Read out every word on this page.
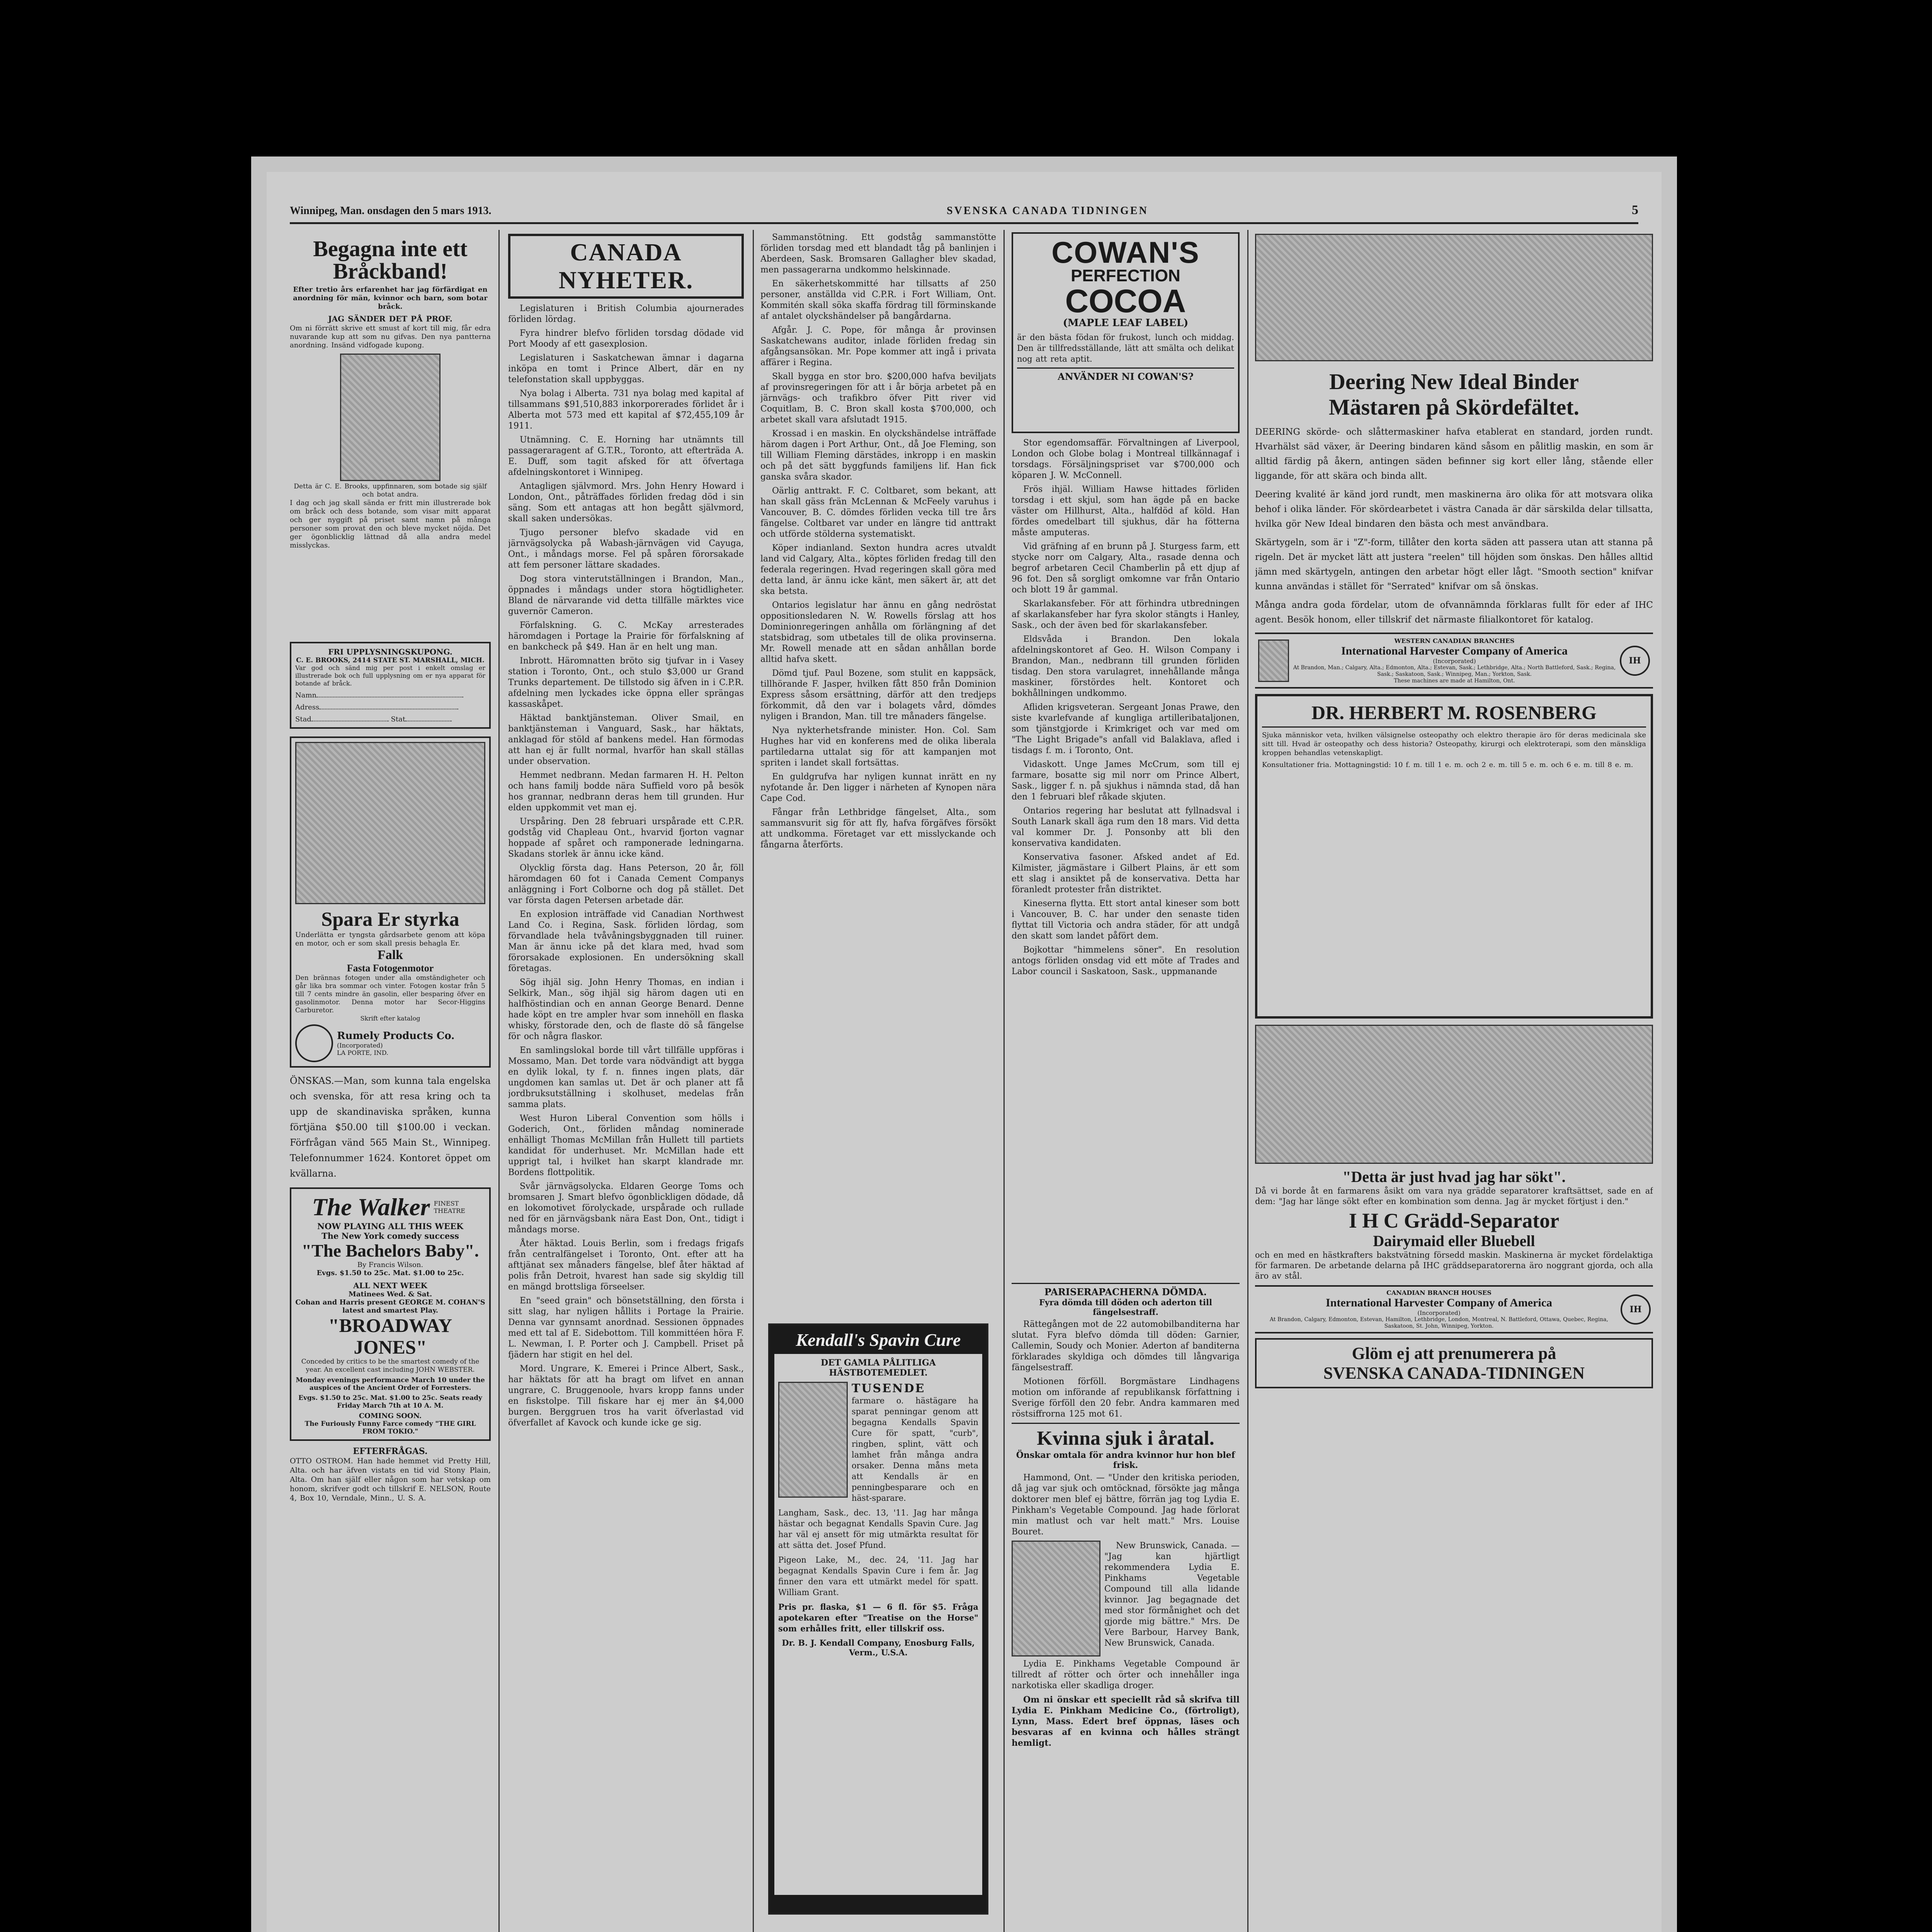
Winnipeg, Man. onsdagen den 5 mars 1913.	SVENSKA CANADA TIDNINGEN	5
Begagna inte ett Bråckband!
Efter tretio års erfarenhet har jag förfärdigat en anordning för män, kvinnor och barn, som botar bråck.
JAG SÄNDER DET PÅ PROF.
Om ni förrätt skrive ett smust af kort till mig, får edra nuvarande kup att som nu gifvas. Den nya pantterna anordning. Insänd vidfogade kupong.
Detta är C. E. Brooks, uppfinnaren, som botade sig själf och botat andra.
I dag och jag skall sända er fritt min illustrerade bok om bråck och dess botande, som visar mitt apparat och ger nyggift på priset samt namn på många personer som provat den och bleve mycket nöjda. Det ger ögonblicklig lättnad då alla andra medel misslyckas.
FRI UPPLYSNINGSKUPONG.
C. E. BROOKS, 2414 STATE ST. MARSHALL, MICH.
Var god och sänd mig per post i enkelt omslag er illustrerade bok och full upplysning om er nya apparat för botande af bråck.
Namn
Adress
Stad	Stat
Spara Er styrka
Underlätta er tyngsta gårdsarbete genom att köpa en motor, och er som skall presis behagla Er.
Falk
Fasta Fotogenmotor
Den brännas fotogen under alla omständigheter och går lika bra sommar och vinter. Fotogen kostar från 5 till 7 cents mindre än gasolin, eller besparing öfver en gasolinmotor. Denna motor har Secor-Higgins Carburetor.
Skrift efter katalog
Rumely Products Co.
(Incorporated)
LA PORTE, IND.
ÖNSKAS.—Man, som kunna tala engelska och svenska, för att resa kring och ta upp de skandinaviska språken, kunna förtjäna $50.00 till $100.00 i veckan. Förfrågan vänd 565 Main St., Winnipeg. Telefonnummer 1624. Kontoret öppet om kvällarna.
The Walker FINEST THEATRE
NOW PLAYING ALL THIS WEEK
The New York comedy success
"The Bachelors Baby".
By Francis Wilson.
Evgs. $1.50 to 25c. Mat. $1.00 to 25c.
ALL NEXT WEEK
Matinees Wed. & Sat.
Cohan and Harris present GEORGE M. COHAN'S latest and smartest Play.
"BROADWAY JONES"
Conceded by critics to be the smartest comedy of the year. An excellent cast including JOHN WEBSTER.
Monday evenings performance March 10 under the auspices of the Ancient Order of Forresters.
Evgs. $1.50 to 25c. Mat. $1.00 to 25c. Seats ready Friday March 7th at 10 A. M.
COMING SOON.
The Furiously Funny Farce comedy "THE GIRL FROM TOKIO."
EFTERFRÅGAS.
OTTO OSTROM. Han hade hemmet vid Pretty Hill, Alta. och har äfven vistats en tid vid Stony Plain, Alta. Om han själf eller någon som har vetskap om honom, skrifver godt och tillskrif E. NELSON, Route 4, Box 10, Verndale, Minn., U. S. A.
CANADA NYHETER.

Legislaturen i British Columbia ajournerades förliden lördag.

Fyra hindrer blefvo förliden torsdag dödade vid Port Moody af ett gasexplosion.

Legislaturen i Saskatchewan ämnar i dagarna inköpa en tomt i Prince Albert, där en ny telefonstation skall uppbyggas.

Nya bolag i Alberta. 731 nya bolag med kapital af tillsammans $91,510,883 inkorporerades förlidet år i Alberta mot 573 med ett kapital af $72,455,109 år 1911.

Utnämning. C. E. Horning har utnämnts till passageraragent af G.T.R., Toronto, att efterträda A. E. Duff, som tagit afsked för att öfvertaga afdelningskontoret i Winnipeg.

Antagligen självmord. Mrs. John Henry Howard i London, Ont., påträffades förliden fredag död i sin säng. Som ett antagas att hon begått självmord, skall saken undersökas.

Tjugo personer blefvo skadade vid en järnvägsolycka på Wabash-järnvägen vid Cayuga, Ont., i måndags morse. Fel på spåren förorsakade att fem personer lättare skadades.

Dog stora vinterutställningen i Brandon, Man., öppnades i måndags under stora högtidligheter. Bland de närvarande vid detta tillfälle märktes vice guvernör Cameron.

Förfalskning. G. C. McKay arresterades häromdagen i Portage la Prairie för förfalskning af en bankcheck på $49. Han är en helt ung man.

Inbrott. Häromnatten bröto sig tjufvar in i Vasey station i Toronto, Ont., och stulo $3,000 ur Grand Trunks departement. De tillstodo sig äfven in i C.P.R. afdelning men lyckades icke öppna eller sprängas kassaskåpet.

Häktad banktjänsteman. Oliver Smail, en banktjänsteman i Vanguard, Sask., har häktats, anklagad för stöld af bankens medel. Han förmodas att han ej är fullt normal, hvarför han skall ställas under observation.

Hemmet nedbrann. Medan farmaren H. H. Pelton och hans familj bodde nära Suffield voro på besök hos grannar, nedbrann deras hem till grunden. Hur elden uppkommit vet man ej.

Urspåring. Den 28 februari urspårade ett C.P.R. godståg vid Chapleau Ont., hvarvid fjorton vagnar hoppade af spåret och ramponerade ledningarna. Skadans storlek är ännu icke känd.

Olycklig första dag. Hans Peterson, 20 år, föll häromdagen 60 fot i Canada Cement Companys anläggning i Fort Colborne och dog på stället. Det var första dagen Petersen arbetade där.

En explosion inträffade vid Canadian Northwest Land Co. i Regina, Sask. förliden lördag, som förvandlade hela tvåvåningsbyggnaden till ruiner. Man är ännu icke på det klara med, hvad som förorsakade explosionen. En undersökning skall företagas.

Sög ihjäl sig. John Henry Thomas, en indian i Selkirk, Man., sög ihjäl sig härom dagen uti en halfhöstindian och en annan George Benard. Denne hade köpt en tre ampler hvar som innehöll en flaska whisky, förstorade den, och de flaste dö så fängelse för och några flaskor.

En samlingslokal borde till vårt tillfälle uppföras i Mossamo, Man. Det torde vara nödvändigt att bygga en dylik lokal, ty f. n. finnes ingen plats, där ungdomen kan samlas ut. Det är och planer att få jordbruksutställning i skolhuset, medelas från samma plats.

West Huron Liberal Convention som hölls i Goderich, Ont., förliden måndag nominerade enhälligt Thomas McMillan från Hullett till partiets kandidat för underhuset. Mr. McMillan hade ett upprigt tal, i hvilket han skarpt klandrade mr. Bordens flottpolitik.

Svår järnvägsolycka. Eldaren George Toms och bromsaren J. Smart blefvo ögonblickligen dödade, då en lokomotivet förolyckade, urspårade och rullade ned för en järnvägsbank nära East Don, Ont., tidigt i måndags morse.

Åter häktad. Louis Berlin, som i fredags frigafs från centralfängelset i Toronto, Ont. efter att ha afttjänat sex månaders fängelse, blef åter häktad af polis från Detroit, hvarest han sade sig skyldig till en mängd brottsliga förseelser.

En "seed grain" och bönsetställning, den första i sitt slag, har nyligen hållits i Portage la Prairie. Denna var gynnsamt anordnad. Sessionen öppnades med ett tal af E. Sidebottom. Till kommittéen höra F. L. Newman, I. P. Porter och J. Campbell. Priset på fjädern har stigit en hel del.

Mord. Ungrare, K. Emerei i Prince Albert, Sask., har häktats för att ha bragt om lifvet en annan ungrare, C. Bruggenoole, hvars kropp fanns under en fiskstolpe. Till fiskare har ej mer än $4,000 burgen. Berggruen tros ha varit öfverlastad vid öfverfallet af Kavock och kunde icke ge sig.

Sammanstötning. Ett godståg sammanstötte förliden torsdag med ett blandadt tåg på banlinjen i Aberdeen, Sask. Bromsaren Gallagher blev skadad, men passagerarna undkommo helskinnade.

En säkerhetskommitté har tillsatts af 250 personer, anställda vid C.P.R. i Fort William, Ont. Kommitén skall söka skaffa fördrag till förminskande af antalet olyckshändelser på bangårdarna.

Afgår. J. C. Pope, för många år provinsen Saskatchewans auditor, inlade förliden fredag sin afgångsansökan. Mr. Pope kommer att ingå i privata affärer i Regina.

Skall bygga en stor bro. $200,000 hafva beviljats af provinsregeringen för att i år börja arbetet på en järnvägs- och trafikbro öfver Pitt river vid Coquitlam, B. C. Bron skall kosta $700,000, och arbetet skall vara afslutadt 1915.

Krossad i en maskin. En olyckshändelse inträffade härom dagen i Port Arthur, Ont., då Joe Fleming, son till William Fleming därstädes, inkropp i en maskin och på det sätt byggfunds familjens lif. Han fick ganska svåra skador.

Oärlig anttrakt. F. C. Coltbaret, som bekant, att han skall gäss frän McLennan & McFeely varuhus i Vancouver, B. C. dömdes förliden vecka till tre års fängelse. Coltbaret var under en längre tid anttrakt och utförde stölderna systematiskt.

Köper indianland. Sexton hundra acres utvaldt land vid Calgary, Alta., köptes förliden fredag till den federala regeringen. Hvad regeringen skall göra med detta land, är ännu icke känt, men säkert är, att det ska betsta.

Ontarios legislatur har ännu en gång nedröstat oppositionsledaren N. W. Rowells förslag att hos Dominionregeringen anhålla om förlängning af det statsbidrag, som utbetales till de olika provinserna. Mr. Rowell menade att en sådan anhållan borde alltid hafva skett.

Dömd tjuf. Paul Bozene, som stulit en kappsäck, tillhörande F. Jasper, hvilken fått 850 från Dominion Express såsom ersättning, därför att den tredjeps förkommit, då den var i bolagets vård, dömdes nyligen i Brandon, Man. till tre månaders fängelse.

Nya nykterhetsfrande minister. Hon. Col. Sam Hughes har vid en konferens med de olika liberala partiledarna uttalat sig för att kampanjen mot spriten i landet skall fortsättas.

En guldgrufva har nyligen kunnat inrätt en ny nyfotande år. Den ligger i närheten af Kynopen nära Cape Cod.

Fångar från Lethbridge fängelset, Alta., som sammansvurit sig för att fly, hafva förgäfves försökt att undkomma. Företaget var ett misslyckande och fångarna återförts.

Kendall's Spavin Cure
DET GAMLA PÅLITLIGA HÄSTBOTEMEDLET.
TUSENDE
farmare o. hästägare ha sparat penningar genom att begagna Kendalls Spavin Cure för spatt, "curb", ringben, splint, vätt och lamhet från många andra orsaker. Denna måns meta att Kendalls är en penningbesparare och en häst-sparare.
Langham, Sask., dec. 13, '11. Jag har många hästar och begagnat Kendalls Spavin Cure. Jag har väl ej ansett för mig utmärkta resultat för att sätta det. Josef Pfund.
Pigeon Lake, M., dec. 24, '11. Jag har begagnat Kendalls Spavin Cure i fem år. Jag finner den vara ett utmärkt medel för spatt. William Grant.
Pris pr. flaska, $1 — 6 fl. för $5. Fråga apotekaren efter "Treatise on the Horse" som erhålles fritt, eller tillskrif oss.
Dr. B. J. Kendall Company, Enosburg Falls, Verm., U.S.A.
COWAN'S
PERFECTION
COCOA
(MAPLE LEAF LABEL)
är den bästa födan för frukost, lunch och middag. Den är tillfredsställande, lätt att smälta och delikat nog att reta aptit.
ANVÄNDER NI COWAN'S?

Stor egendomsaffär. Förvaltningen af Liverpool, London och Globe bolag i Montreal tillkännagaf i torsdags. Försäljningspriset var $700,000 och köparen J. W. McConnell.

Frös ihjäl. William Hawse hittades förliden torsdag i ett skjul, som han ägde på en backe väster om Hillhurst, Alta., halfdöd af köld. Han fördes omedelbart till sjukhus, där ha fötterna måste amputeras.

Vid gräfning af en brunn på J. Sturgess farm, ett stycke norr om Calgary, Alta., rasade denna och begrof arbetaren Cecil Chamberlin på ett djup af 96 fot. Den så sorgligt omkomne var från Ontario och blott 19 år gammal.

Skarlakansfeber. För att förhindra utbredningen af skarlakansfeber har fyra skolor stängts i Hanley, Sask., och der även bed för skarlakansfeber.

Eldsvåda i Brandon. Den lokala afdelningskontoret af Geo. H. Wilson Company i Brandon, Man., nedbrann till grunden förliden tisdag. Den stora varulagret, innehållande många maskiner, förstördes helt. Kontoret och bokhållningen undkommo.

Afliden krigsveteran. Sergeant Jonas Prawe, den siste kvarlefvande af kungliga artilleribataljonen, som tjänstgjorde i Krimkriget och var med om "The Light Brigade"s anfall vid Balaklava, afled i tisdags f. m. i Toronto, Ont.

Vidaskott. Unge James McCrum, som till ej farmare, bosatte sig mil norr om Prince Albert, Sask., ligger f. n. på sjukhus i nämnda stad, då han den 1 februari blef råkade skjuten.

Ontarios regering har beslutat att fyllnadsval i South Lanark skall äga rum den 18 mars. Vid detta val kommer Dr. J. Ponsonby att bli den konservativa kandidaten.

Konservativa fasoner. Afsked andet af Ed. Kilmister, jägmästare i Gilbert Plains, är ett som ett slag i ansiktet på de konservativa. Detta har föranledt protester från distriktet.

Kineserna flytta. Ett stort antal kineser som bott i Vancouver, B. C. har under den senaste tiden flyttat till Victoria och andra städer, för att undgå den skatt som landet påfört dem.

Bojkottar "himmelens söner". En resolution antogs förliden onsdag vid ett möte af Trades and Labor council i Saskatoon, Sask., uppmanande

Deering New Ideal Binder
Mästaren på Skördefältet.
DEERING skörde- och slåttermaskiner hafva etablerat en standard, jorden rundt. Hvarhälst säd växer, är Deering bindaren känd såsom en pålitlig maskin, en som är alltid färdig på åkern, antingen säden befinner sig kort eller lång, stående eller liggande, för att skära och binda allt.
Deering kvalité är känd jord rundt, men maskinerna äro olika för att motsvara olika behof i olika länder. För skördearbetet i västra Canada är där särskilda delar tillsatta, hvilka gör New Ideal bindaren den bästa och mest användbara.
Skärtygeln, som är i "Z"-form, tillåter den korta säden att passera utan att stanna på rigeln. Det är mycket lätt att justera "reelen" till höjden som önskas. Den hålles alltid jämn med skärtygeln, antingen den arbetar högt eller lågt. "Smooth section" knifvar kunna användas i stället för "Serrated" knifvar om så önskas.
Många andra goda fördelar, utom de ofvannämnda förklaras fullt för eder af IHC agent. Besök honom, eller tillskrif det närmaste filialkontoret för katalog.
WESTERN CANADIAN BRANCHES
International Harvester Company of America
(Incorporated)
At Brandon, Man.; Calgary, Alta.; Edmonton, Alta.; Estevan, Sask.; Lethbridge, Alta.; North Battleford, Sask.; Regina, Sask.; Saskatoon, Sask.; Winnipeg, Man.; Yorkton, Sask.
These machines are made at Hamilton, Ont.
IH
DR. HERBERT M. ROSENBERG
Sjuka människor veta, hvilken välsignelse osteopathy och elektro therapie äro för deras medicinala ske sitt till. Hvad är osteopathy och dess historia? Osteopathy, kirurgi och elektroterapi, som den mänskliga kroppen behandlas vetenskapligt.
Konsultationer fria. Mottagningstid: 10 f. m. till 1 e. m. och 2 e. m. till 5 e. m. och 6 e. m. till 8 e. m.
"Detta är just hvad jag har sökt".
Då vi borde åt en farmarens åsikt om vara nya grädde separatorer kraftsättset, sade en af dem: "Jag har länge sökt efter en kombination som denna. Jag är mycket förtjust i den."
I H C Grädd-Separator
Dairymaid eller Bluebell
och en med en hästkrafters bakstvätning försedd maskin. Maskinerna är mycket fördelaktiga för farmaren. De arbetande delarna på IHC gräddseparatorerna äro noggrant gjorda, och alla äro av stål.
CANADIAN BRANCH HOUSES
International Harvester Company of America
(Incorporated)
At Brandon, Calgary, Edmonton, Estevan, Hamilton, Lethbridge, London, Montreal, N. Battleford, Ottawa, Quebec, Regina, Saskatoon, St. John, Winnipeg, Yorkton.
IH
Glöm ej att prenumerera på
SVENSKA CANADA-TIDNINGEN
PARISERAPACHERNA DÖMDA.
Fyra dömda till döden och aderton till fängelsestraff.

Rättegången mot de 22 automobilbanditerna har slutat. Fyra blefvo dömda till döden: Garnier, Callemin, Soudy och Monier. Aderton af banditerna förklarades skyldiga och dömdes till långvariga fängelsestraff.

Motionen förföll. Borgmästare Lindhagens motion om införande af republikansk författning i Sverige förföll den 20 febr. Andra kammaren med röstsiffrorna 125 mot 61.

Kvinna sjuk i åratal.
Önskar omtala för andra kvinnor hur hon blef frisk.

Hammond, Ont. — "Under den kritiska perioden, då jag var sjuk och omtöcknad, försökte jag många doktorer men blef ej bättre, förrän jag tog Lydia E. Pinkham's Vegetable Compound. Jag hade förlorat min matlust och var helt matt." Mrs. Louise Bouret.

New Brunswick, Canada. — "Jag kan hjärtligt rekommendera Lydia E. Pinkhams Vegetable Compound till alla lidande kvinnor. Jag begagnade det med stor förmånighet och det gjorde mig bättre." Mrs. De Vere Barbour, Harvey Bank, New Brunswick, Canada.

Lydia E. Pinkhams Vegetable Compound är tillredt af rötter och örter och innehåller inga narkotiska eller skadliga droger.

Om ni önskar ett speciellt råd så skrifva till Lydia E. Pinkham Medicine Co., (förtroligt), Lynn, Mass. Edert bref öppnas, läses och besvaras af en kvinna och hålles strängt hemligt.
